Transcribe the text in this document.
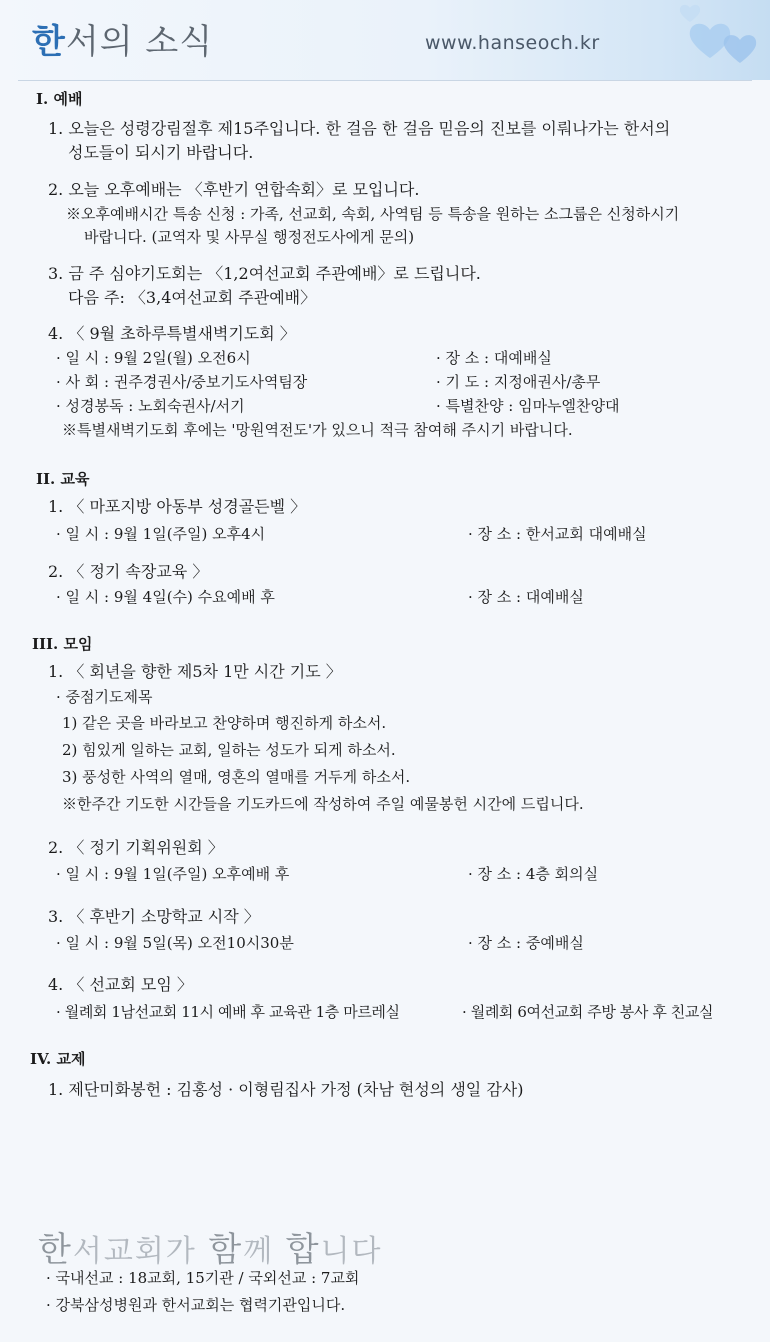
한서의 소식	www.hanseoch.kr
I. 예배
1. 오늘은 성령강림절후 제15주입니다. 한 걸음 한 걸음 믿음의 진보를 이뤄나가는 한서의
성도들이 되시기 바랍니다.
2. 오늘 오후예배는 〈후반기 연합속회〉로 모입니다.
※오후예배시간 특송 신청 : 가족, 선교회, 속회, 사역팀 등 특송을 원하는 소그룹은 신청하시기
바랍니다. (교역자 및 사무실 행정전도사에게 문의)
3. 금 주 심야기도회는 〈1,2여선교회 주관예배〉로 드립니다.
다음 주: 〈3,4여선교회 주관예배〉
4. 〈 9월 초하루특별새벽기도회 〉
· 일 시 : 9월 2일(월) 오전6시	· 장 소 : 대예배실
· 사 회 : 권주경권사/중보기도사역팀장	· 기 도 : 지정애권사/총무
· 성경봉독 : 노회숙권사/서기	· 특별찬양 : 임마누엘찬양대
※특별새벽기도회 후에는 '망원역전도'가 있으니 적극 참여해 주시기 바랍니다.
II. 교육
1. 〈 마포지방 아동부 성경골든벨 〉
· 일 시 : 9월 1일(주일) 오후4시	· 장 소 : 한서교회 대예배실
2. 〈 정기 속장교육 〉
· 일 시 : 9월 4일(수) 수요예배 후	· 장 소 : 대예배실
III. 모임
1. 〈 회년을 향한 제5차 1만 시간 기도 〉
· 중점기도제목
1) 같은 곳을 바라보고 찬양하며 행진하게 하소서.
2) 힘있게 일하는 교회, 일하는 성도가 되게 하소서.
3) 풍성한 사역의 열매, 영혼의 열매를 거두게 하소서.
※한주간 기도한 시간들을 기도카드에 작성하여 주일 예물봉헌 시간에 드립니다.
2. 〈 정기 기획위원회 〉
· 일 시 : 9월 1일(주일) 오후예배 후	· 장 소 : 4층 회의실
3. 〈 후반기 소망학교 시작 〉
· 일 시 : 9월 5일(목) 오전10시30분	· 장 소 : 중예배실
4. 〈 선교회 모임 〉
· 월례회 1남선교회 11시 예배 후 교육관 1층 마르레실	· 월례회 6여선교회 주방 봉사 후 친교실
IV. 교제
1. 제단미화봉헌 : 김홍성 · 이형림집사 가정 (차남 현성의 생일 감사)
한서교회가 함께 합니다
· 국내선교 : 18교회, 15기관 / 국외선교 : 7교회
· 강북삼성병원과 한서교회는 협력기관입니다.
